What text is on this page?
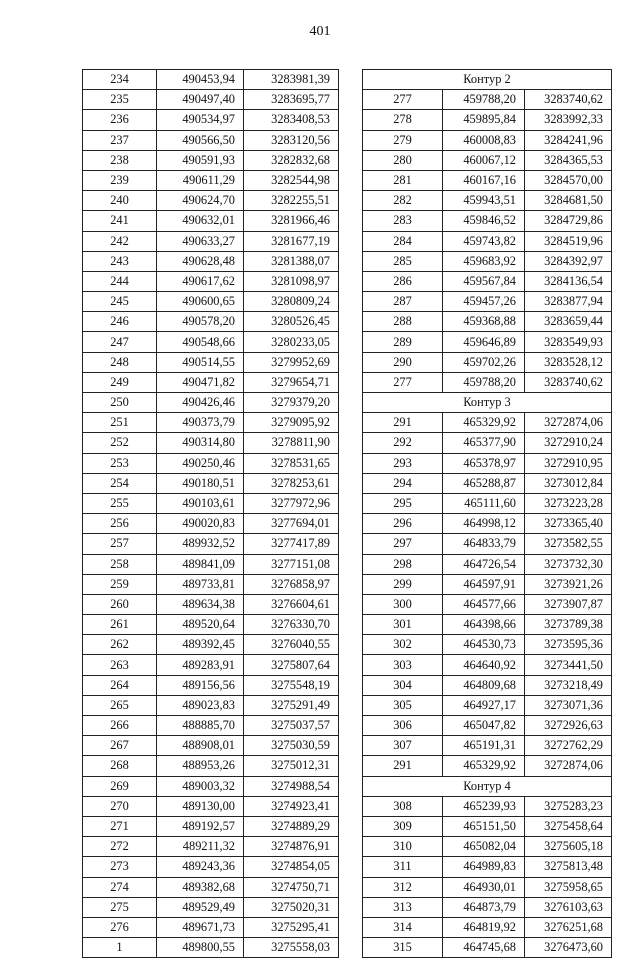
401
234	490453,94	3283981,39
235	490497,40	3283695,77
236	490534,97	3283408,53
237	490566,50	3283120,56
238	490591,93	3282832,68
239	490611,29	3282544,98
240	490624,70	3282255,51
241	490632,01	3281966,46
242	490633,27	3281677,19
243	490628,48	3281388,07
244	490617,62	3281098,97
245	490600,65	3280809,24
246	490578,20	3280526,45
247	490548,66	3280233,05
248	490514,55	3279952,69
249	490471,82	3279654,71
250	490426,46	3279379,20
251	490373,79	3279095,92
252	490314,80	3278811,90
253	490250,46	3278531,65
254	490180,51	3278253,61
255	490103,61	3277972,96
256	490020,83	3277694,01
257	489932,52	3277417,89
258	489841,09	3277151,08
259	489733,81	3276858,97
260	489634,38	3276604,61
261	489520,64	3276330,70
262	489392,45	3276040,55
263	489283,91	3275807,64
264	489156,56	3275548,19
265	489023,83	3275291,49
266	488885,70	3275037,57
267	488908,01	3275030,59
268	488953,26	3275012,31
269	489003,32	3274988,54
270	489130,00	3274923,41
271	489192,57	3274889,29
272	489211,32	3274876,91
273	489243,36	3274854,05
274	489382,68	3274750,71
275	489529,49	3275020,31
276	489671,73	3275295,41
1	489800,55	3275558,03
Контур 2		
277	459788,20	3283740,62
278	459895,84	3283992,33
279	460008,83	3284241,96
280	460067,12	3284365,53
281	460167,16	3284570,00
282	459943,51	3284681,50
283	459846,52	3284729,86
284	459743,82	3284519,96
285	459683,92	3284392,97
286	459567,84	3284136,54
287	459457,26	3283877,94
288	459368,88	3283659,44
289	459646,89	3283549,93
290	459702,26	3283528,12
277	459788,20	3283740,62
Контур 3		
291	465329,92	3272874,06
292	465377,90	3272910,24
293	465378,97	3272910,95
294	465288,87	3273012,84
295	465111,60	3273223,28
296	464998,12	3273365,40
297	464833,79	3273582,55
298	464726,54	3273732,30
299	464597,91	3273921,26
300	464577,66	3273907,87
301	464398,66	3273789,38
302	464530,73	3273595,36
303	464640,92	3273441,50
304	464809,68	3273218,49
305	464927,17	3273071,36
306	465047,82	3272926,63
307	465191,31	3272762,29
291	465329,92	3272874,06
Контур 4		
308	465239,93	3275283,23
309	465151,50	3275458,64
310	465082,04	3275605,18
311	464989,83	3275813,48
312	464930,01	3275958,65
313	464873,79	3276103,63
314	464819,92	3276251,68
315	464745,68	3276473,60
